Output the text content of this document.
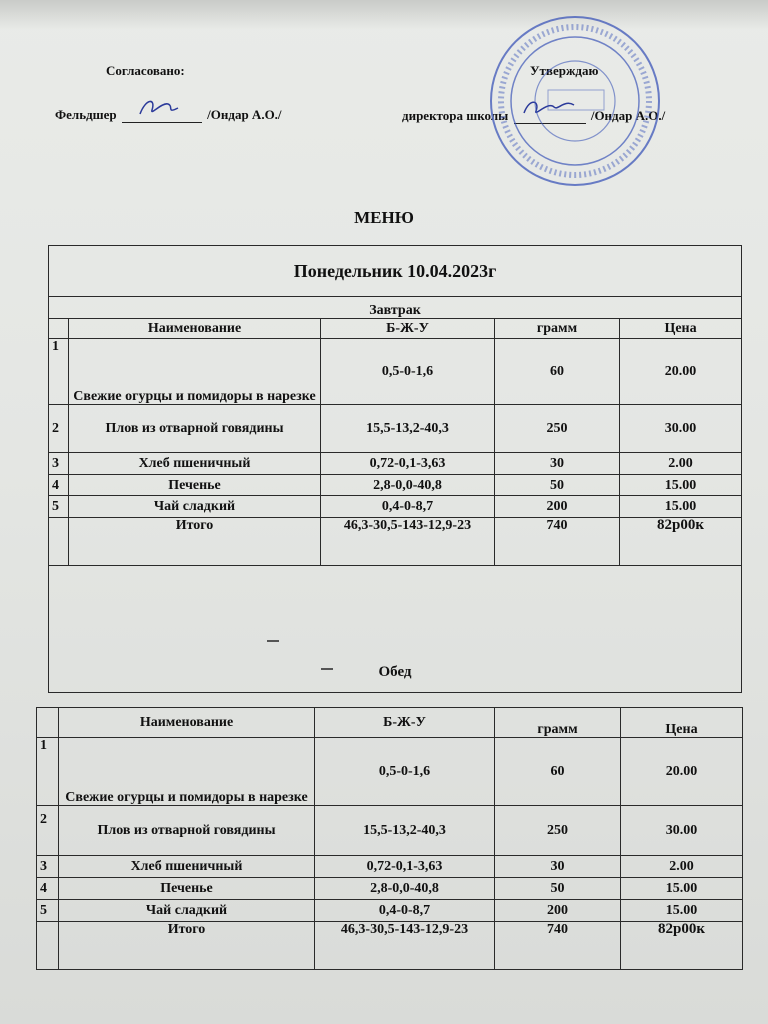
Согласовано:
Фельдшер	/Ондар А.О./
Утверждаю
директора школы	/Ондар А.О./
МЕНЮ
Понедельник 10.04.2023г				
Завтрак				
	Наименование	Б-Ж-У	грамм	Цена
1	Свежие огурцы и помидоры в нарезке	0,5-0-1,6	60	20.00
2	Плов из отварной говядины	15,5-13,2-40,3	250	30.00
3	Хлеб пшеничный	0,72-0,1-3,63	30	2.00
4	Печенье	2,8-0,0-40,8	50	15.00
5	Чай сладкий	0,4-0-8,7	200	15.00
	Итого	46,3-30,5-143-12,9-23	740	82р00к

Обед				
	Наименование	Б-Ж-У	грамм	Цена
1	Свежие огурцы и помидоры в нарезке	0,5-0-1,6	60	20.00
2	Плов из отварной говядины	15,5-13,2-40,3	250	30.00
3	Хлеб пшеничный	0,72-0,1-3,63	30	2.00
4	Печенье	2,8-0,0-40,8	50	15.00
5	Чай сладкий	0,4-0-8,7	200	15.00
	Итого	46,3-30,5-143-12,9-23	740	82р00к
